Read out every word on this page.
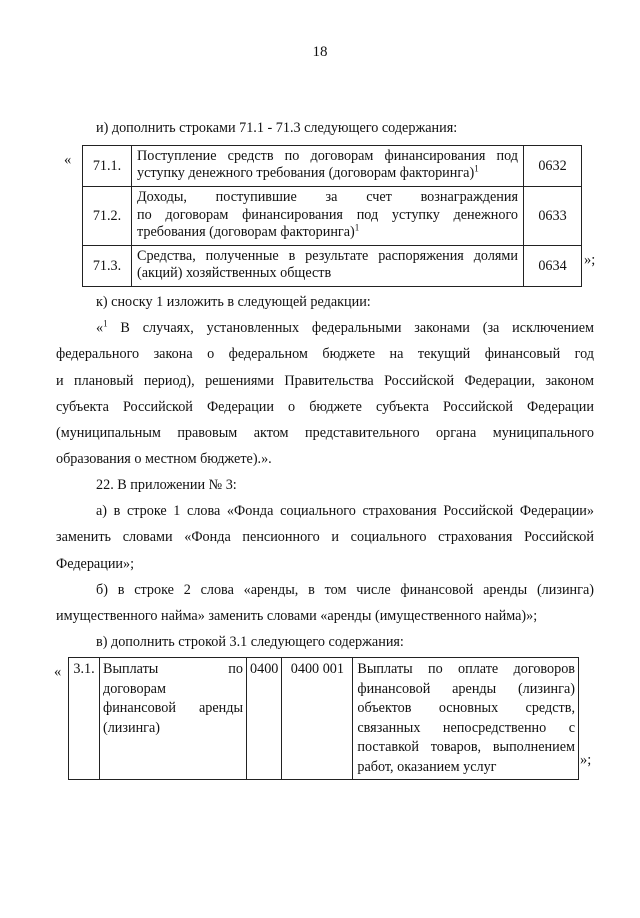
18
и) дополнить строками 71.1 - 71.3 следующего содержания:
« 71.1.	Поступление средств по договорам финансирования под
уступку денежного требования (договорам факторинга)$^1$	0632
71.2.	Доходы, поступившие за счет вознаграждения
по договорам финансирования под уступку денежного
требования (договорам факторинга)$^1$	0633
71.3.	Средства, полученные в результате распоряжения долями
(акций) хозяйственных обществ	0634 »;
к) сноску 1 изложить в следующей редакции:
«$^1$ В случаях, установленных федеральными законами (за исключением
федерального закона о федеральном бюджете на текущий финансовый год
и плановый период), решениями Правительства Российской Федерации, законом
субъекта Российской Федерации о бюджете субъекта Российской Федерации
(муниципальным правовым актом представительного органа муниципального
образования о местном бюджете).».
22. В приложении № 3:
а) в строке 1 слова «Фонда социального страхования Российской Федерации»
заменить словами «Фонда пенсионного и социального страхования Российской
Федерации»;
б) в строке 2 слова «аренды, в том числе финансовой аренды (лизинга)
имущественного найма» заменить словами «аренды (имущественного найма)»;
в) дополнить строкой 3.1 следующего содержания:
« 3.1.	Выплаты по
договорам
финансовой аренды
(лизинга)
	0400	0400 001	Выплаты по оплате договоров
финансовой аренды (лизинга)
объектов основных средств,
связанных непосредственно с
поставкой товаров, выполнением
работ, оказанием услуг	»;
